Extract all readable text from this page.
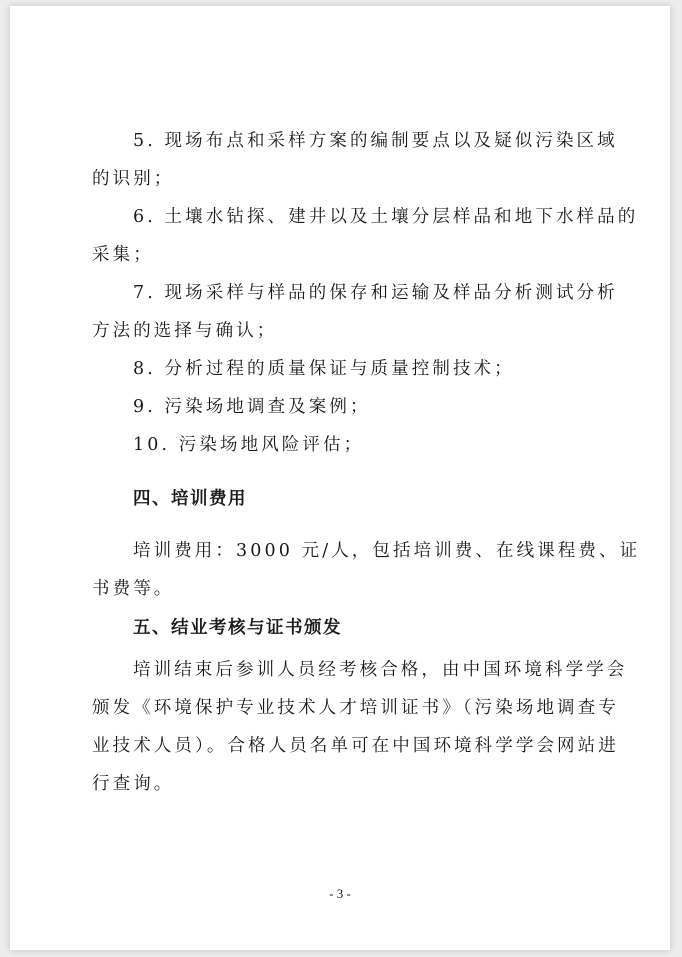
5. 现场布点和采样方案的编制要点以及疑似污染区域
的识别；
6. 土壤水钻探、建井以及土壤分层样品和地下水样品的
采集；
7. 现场采样与样品的保存和运输及样品分析测试分析
方法的选择与确认；
8. 分析过程的质量保证与质量控制技术；
9. 污染场地调查及案例；
10. 污染场地风险评估；
四、培训费用
培训费用：3000 元/人，包括培训费、在线课程费、证
书费等。
五、结业考核与证书颁发
培训结束后参训人员经考核合格，由中国环境科学学会
颁发《环境保护专业技术人才培训证书》（污染场地调查专
业技术人员）。合格人员名单可在中国环境科学学会网站进
行查询。
- 3 -
